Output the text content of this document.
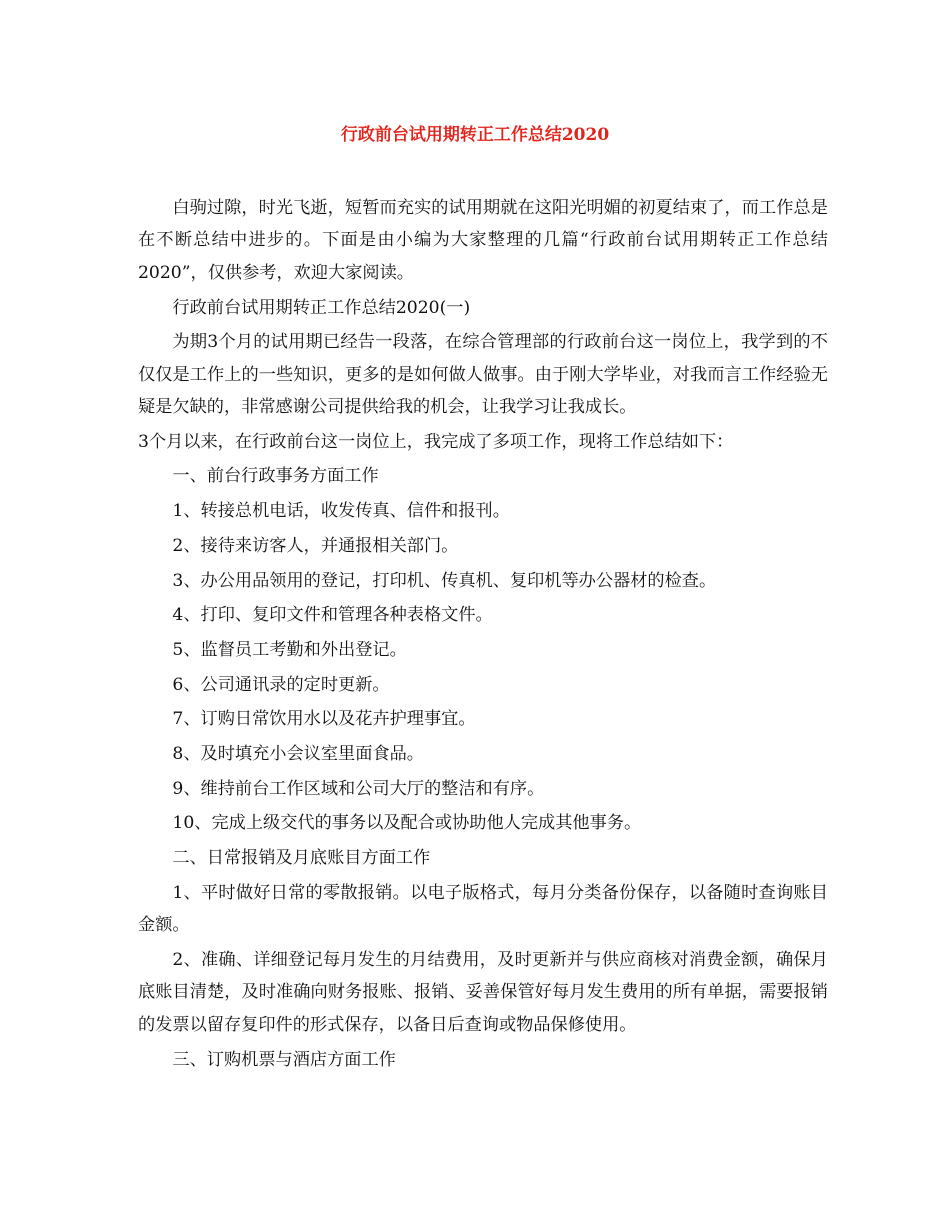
行政前台试用期转正工作总结2020

白驹过隙，时光飞逝，短暂而充实的试用期就在这阳光明媚的初夏结束了，而工作总是在不断总结中进步的。下面是由小编为大家整理的几篇“行政前台试用期转正工作总结2020”，仅供参考，欢迎大家阅读。

行政前台试用期转正工作总结2020(一)

为期3个月的试用期已经告一段落，在综合管理部的行政前台这一岗位上，我学到的不仅仅是工作上的一些知识，更多的是如何做人做事。由于刚大学毕业，对我而言工作经验无疑是欠缺的，非常感谢公司提供给我的机会，让我学习让我成长。

3个月以来，在行政前台这一岗位上，我完成了多项工作，现将工作总结如下：

一、前台行政事务方面工作

1、转接总机电话，收发传真、信件和报刊。

2、接待来访客人，并通报相关部门。

3、办公用品领用的登记，打印机、传真机、复印机等办公器材的检查。

4、打印、复印文件和管理各种表格文件。

5、监督员工考勤和外出登记。

6、公司通讯录的定时更新。

7、订购日常饮用水以及花卉护理事宜。

8、及时填充小会议室里面食品。

9、维持前台工作区域和公司大厅的整洁和有序。

10、完成上级交代的事务以及配合或协助他人完成其他事务。

二、日常报销及月底账目方面工作

1、平时做好日常的零散报销。以电子版格式，每月分类备份保存，以备随时查询账目金额。

2、准确、详细登记每月发生的月结费用，及时更新并与供应商核对消费金额，确保月底账目清楚，及时准确向财务报账、报销、妥善保管好每月发生费用的所有单据，需要报销的发票以留存复印件的形式保存，以备日后查询或物品保修使用。

三、订购机票与酒店方面工作
